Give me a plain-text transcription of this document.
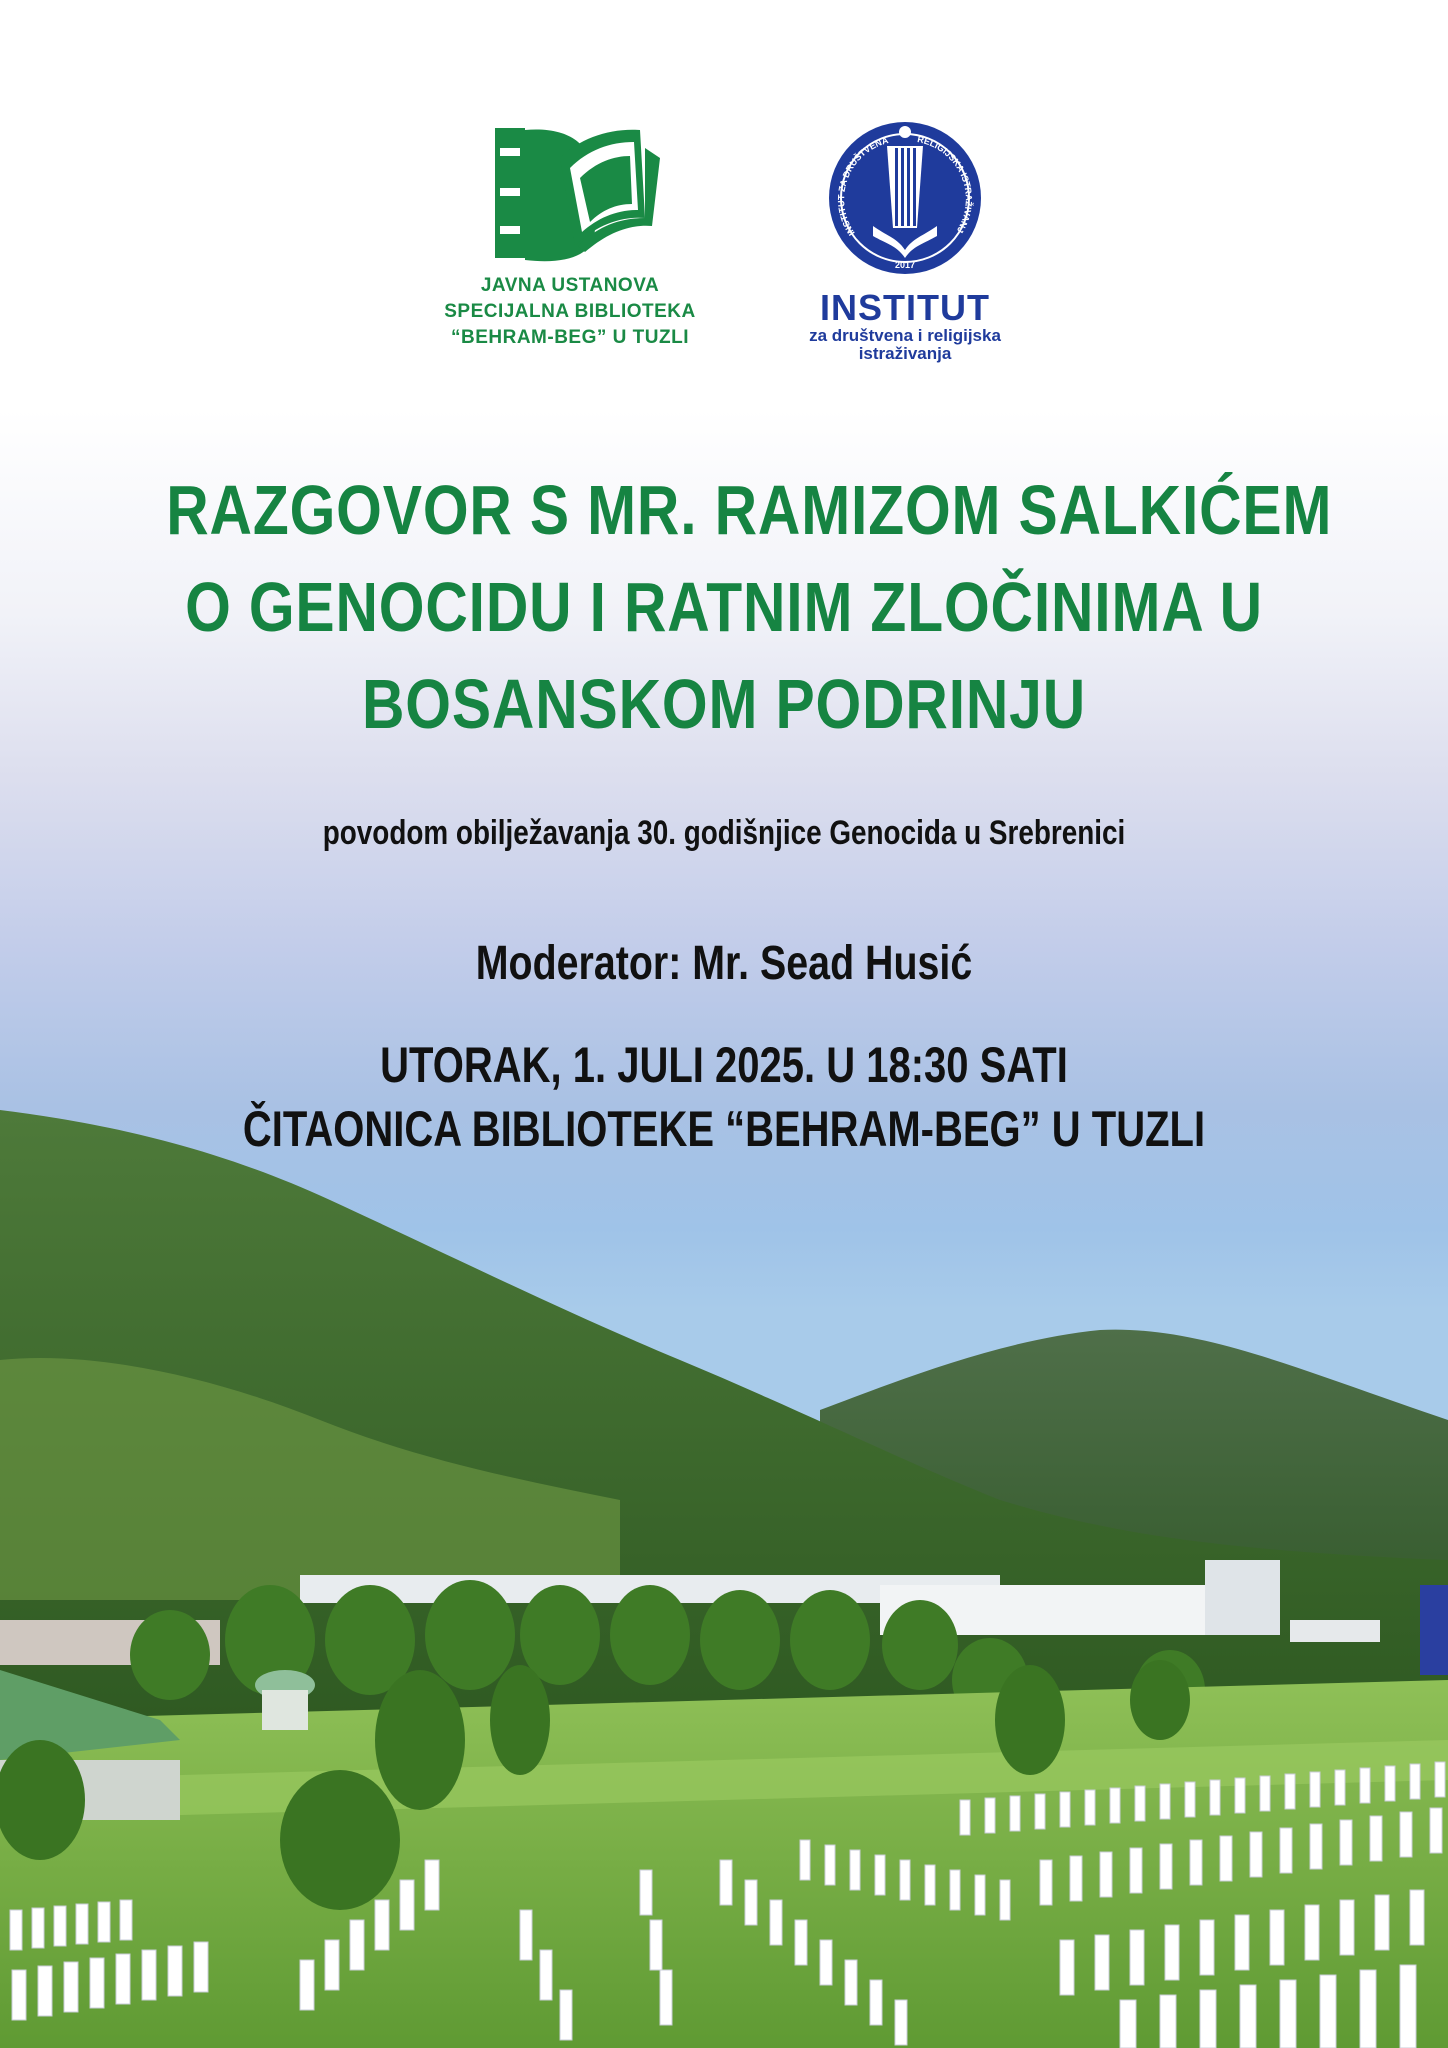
JAVNA USTANOVA
SPECIJALNA BIBLIOTEKA
“BEHRAM-BEG” U TUZLI
INSTITUT ZA DRUŠTVENA	RELIGIJSKA ISTRAŽIVANJ
2017
INSTITUT
za društvena i religijska
istraživanja
RAZGOVOR S MR. RAMIZOM SALKIĆEM
O GENOCIDU I RATNIM ZLOČINIMA U
BOSANSKOM PODRINJU
povodom obilježavanja 30. godišnjice Genocida u Srebrenici
Moderator: Mr. Sead Husić
UTORAK, 1. JULI 2025. U 18:30 SATI
ČITAONICA BIBLIOTEKE “BEHRAM-BEG” U TUZLI
